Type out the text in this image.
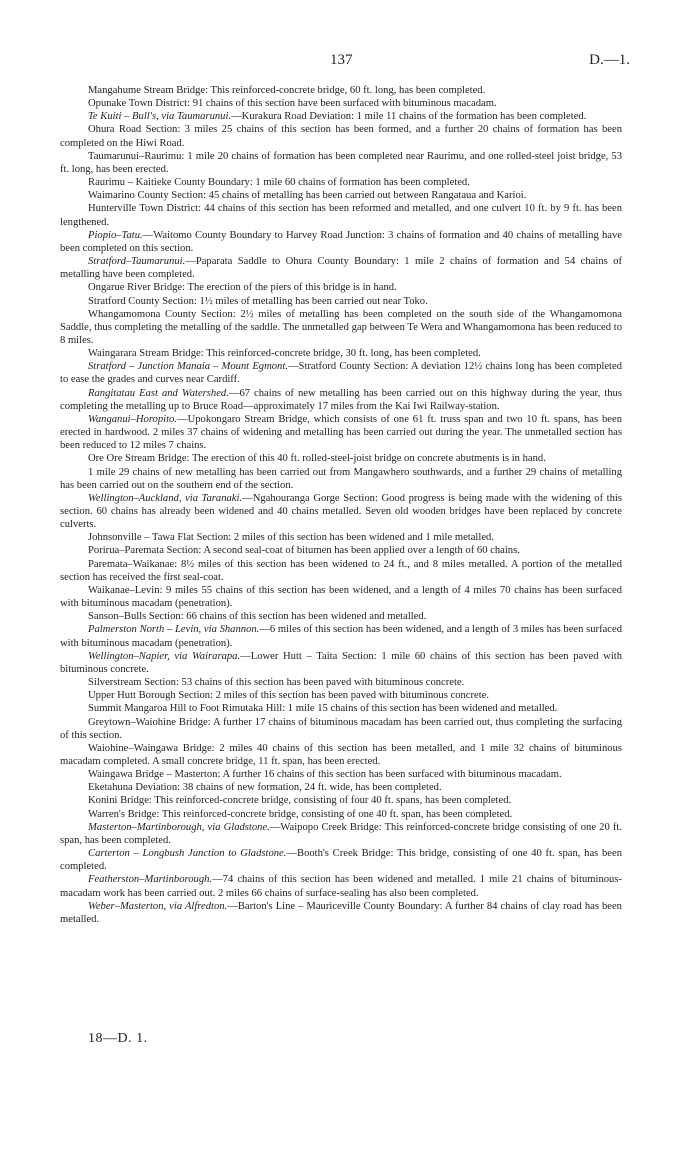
137	D.—1.

Mangahume Stream Bridge: This reinforced-concrete bridge, 60 ft. long, has been completed.

Opunake Town District: 91 chains of this section have been surfaced with bituminous macadam.

Te Kuiti – Bull's, via Taumarunui.—Kurakura Road Deviation: 1 mile 11 chains of the formation has been completed.

Ohura Road Section: 3 miles 25 chains of this section has been formed, and a further 20 chains of formation has been completed on the Hiwi Road.

Taumarunui–Raurimu: 1 mile 20 chains of formation has been completed near Raurimu, and one rolled-steel joist bridge, 53 ft. long, has been erected.

Raurimu – Kaitieke County Boundary: 1 mile 60 chains of formation has been completed.

Waimarino County Section: 45 chains of metalling has been carried out between Rangataua and Karioi.

Hunterville Town District: 44 chains of this section has been reformed and metalled, and one culvert 10 ft. by 9 ft. has been lengthened.

Piopio–Tatu.—Waitomo County Boundary to Harvey Road Junction: 3 chains of formation and 40 chains of metalling have been completed on this section.

Stratford–Taumarunui.—Paparata Saddle to Ohura County Boundary: 1 mile 2 chains of formation and 54 chains of metalling have been completed.

Ongarue River Bridge: The erection of the piers of this bridge is in hand.

Stratford County Section: 1½ miles of metalling has been carried out near Toko.

Whangamomona County Section: 2½ miles of metalling has been completed on the south side of the Whangamomona Saddle, thus completing the metalling of the saddle. The unmetalled gap between Te Wera and Whangamomona has been reduced to 8 miles.

Waingarara Stream Bridge: This reinforced-concrete bridge, 30 ft. long, has been completed.

Stratford – Junction Manaia – Mount Egmont.—Stratford County Section: A deviation 12½ chains long has been completed to ease the grades and curves near Cardiff.

Rangitatau East and Watershed.—67 chains of new metalling has been carried out on this highway during the year, thus completing the metalling up to Bruce Road—approximately 17 miles from the Kai Iwi Railway-station.

Wanganui–Horopito.—Upokongaro Stream Bridge, which consists of one 61 ft. truss span and two 10 ft. spans, has been erected in hardwood. 2 miles 37 chains of widening and metalling has been carried out during the year. The unmetalled section has been reduced to 12 miles 7 chains.

Ore Ore Stream Bridge: The erection of this 40 ft. rolled-steel-joist bridge on concrete abutments is in hand.

1 mile 29 chains of new metalling has been carried out from Mangawhero southwards, and a further 29 chains of metalling has been carried out on the southern end of the section.

Wellington–Auckland, via Taranaki.—Ngahouranga Gorge Section: Good progress is being made with the widening of this section. 60 chains has already been widened and 40 chains metalled. Seven old wooden bridges have been replaced by concrete culverts.

Johnsonville – Tawa Flat Section: 2 miles of this section has been widened and 1 mile metalled.

Porirua–Paremata Section: A second seal-coat of bitumen has been applied over a length of 60 chains.

Paremata–Waikanae: 8½ miles of this section has been widened to 24 ft., and 8 miles metalled. A portion of the metalled section has received the first seal-coat.

Waikanae–Levin: 9 miles 55 chains of this section has been widened, and a length of 4 miles 70 chains has been surfaced with bituminous macadam (penetration).

Sanson–Bulls Section: 66 chains of this section has been widened and metalled.

Palmerston North – Levin, via Shannon.—6 miles of this section has been widened, and a length of 3 miles has been surfaced with bituminous macadam (penetration).

Wellington–Napier, via Wairarapa.—Lower Hutt – Taita Section: 1 mile 60 chains of this section has been paved with bituminous concrete.

Silverstream Section: 53 chains of this section has been paved with bituminous concrete.

Upper Hutt Borough Section: 2 miles of this section has been paved with bituminous concrete.

Summit Mangaroa Hill to Foot Rimutaka Hill: 1 mile 15 chains of this section has been widened and metalled.

Greytown–Waiohine Bridge: A further 17 chains of bituminous macadam has been carried out, thus completing the surfacing of this section.

Waiohine–Waingawa Bridge: 2 miles 40 chains of this section has been metalled, and 1 mile 32 chains of bituminous macadam completed. A small concrete bridge, 11 ft. span, has been erected.

Waingawa Bridge – Masterton: A further 16 chains of this section has been surfaced with bituminous macadam.

Eketahuna Deviation: 38 chains of new formation, 24 ft. wide, has been completed.

Konini Bridge: This reinforced-concrete bridge, consisting of four 40 ft. spans, has been completed.

Warren's Bridge: This reinforced-concrete bridge, consisting of one 40 ft. span, has been completed.

Masterton–Martinborough, via Gladstone.—Waipopo Creek Bridge: This reinforced-concrete bridge consisting of one 20 ft. span, has been completed.

Carterton – Longbush Junction to Gladstone.—Booth's Creek Bridge: This bridge, consisting of one 40 ft. span, has been completed.

Featherston–Martinborough.—74 chains of this section has been widened and metalled. 1 mile 21 chains of bituminous-macadam work has been carried out. 2 miles 66 chains of surface-sealing has also been completed.

Weber–Masterton, via Alfredton.—Barton's Line – Mauriceville County Boundary: A further 84 chains of clay road has been metalled.

18—D. 1.
